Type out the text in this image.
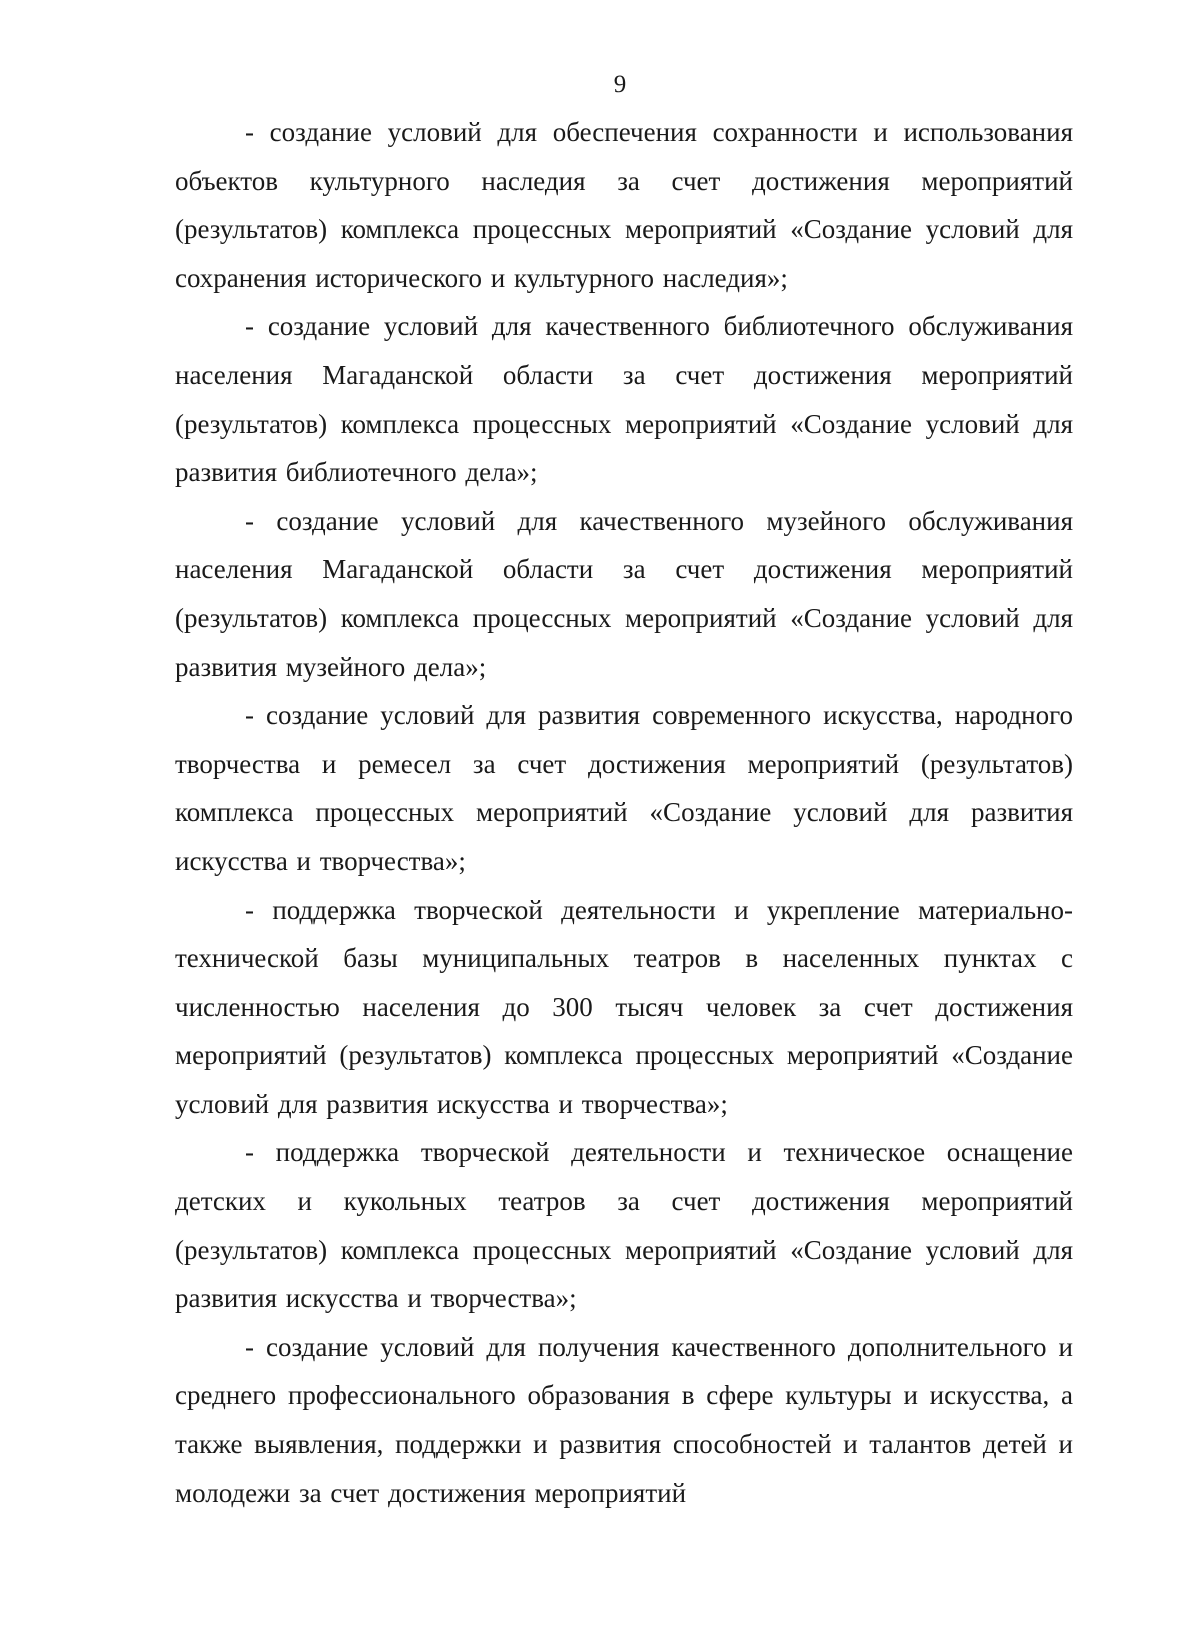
9

- создание условий для обеспечения сохранности и использования объектов культурного наследия за счет достижения мероприятий (результатов) комплекса процессных мероприятий «Создание условий для сохранения исторического и культурного наследия»;

- создание условий для качественного библиотечного обслуживания населения Магаданской области за счет достижения мероприятий (результатов) комплекса процессных мероприятий «Создание условий для развития библиотечного дела»;

- создание условий для качественного музейного обслуживания населения Магаданской области за счет достижения мероприятий (результатов) комплекса процессных мероприятий «Создание условий для развития музейного дела»;

- создание условий для развития современного искусства, народного творчества и ремесел за счет достижения мероприятий (результатов) комплекса процессных мероприятий «Создание условий для развития искусства и творчества»;

- поддержка творческой деятельности и укрепление материально-технической базы муниципальных театров в населенных пунктах с численностью населения до 300 тысяч человек за счет достижения мероприятий (результатов) комплекса процессных мероприятий «Создание условий для развития искусства и творчества»;

- поддержка творческой деятельности и техническое оснащение детских и кукольных театров за счет достижения мероприятий (результатов) комплекса процессных мероприятий «Создание условий для развития искусства и творчества»;

- создание условий для получения качественного дополнительного и среднего профессионального образования в сфере культуры и искусства, а также выявления, поддержки и развития способностей и талантов детей и молодежи за счет достижения мероприятий
